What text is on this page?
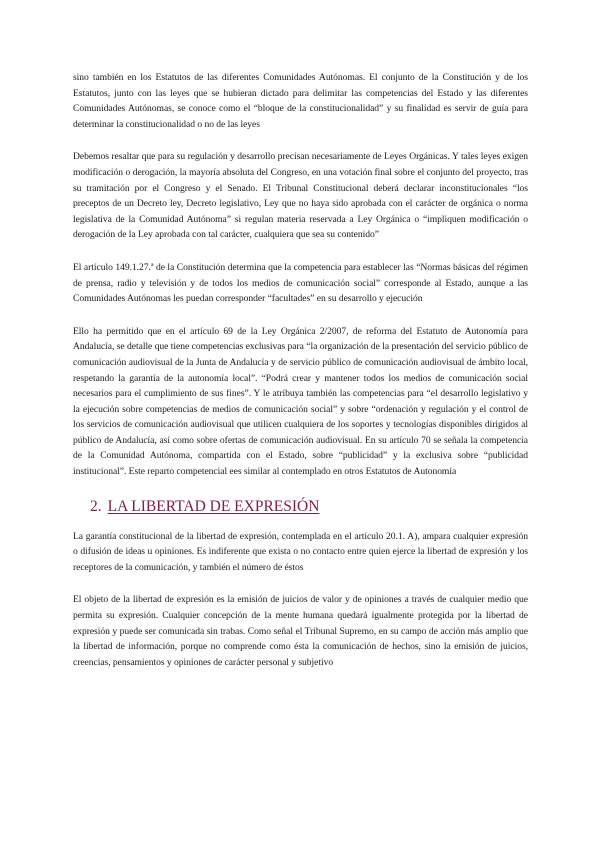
sino también en los Estatutos de las diferentes Comunidades Autónomas. El conjunto de la Constitución y de los Estatutos, junto con las leyes que se hubieran dictado para delimitar las competencias del Estado y las diferentes Comunidades Autónomas, se conoce como el “bloque de la constitucionalidad” y su finalidad es servir de guía para determinar la constitucionalidad o no de las leyes

Debemos resaltar que para su regulación y desarrollo precisan necesariamente de Leyes Orgánicas. Y tales leyes exigen modificación o derogación, la mayoría absoluta del Congreso, en una votación final sobre el conjunto del proyecto, tras su tramitación por el Congreso y el Senado. El Tribunal Constitucional deberá declarar inconstitucionales “los preceptos de un Decreto ley, Decreto legislativo, Ley que no haya sido aprobada con el carácter de orgánica o norma legislativa de la Comunidad Autónoma” si regulan materia reservada a Ley Orgánica o “impliquen modificación o derogación de la Ley aprobada con tal carácter, cualquiera que sea su contenido”

El artículo 149.1.27.ª de la Constitución determina que la competencia para establecer las “Normas básicas del régimen de prensa, radio y televisión y de todos los medios de comunicación social” corresponde al Estado, aunque a las Comunidades Autónomas les puedan corresponder “facultades” en su desarrollo y ejecución

Ello ha permitido que en el artículo 69 de la Ley Orgánica 2/2007, de reforma del Estatuto de Autonomía para Andalucía, se detalle que tiene competencias exclusivas para “la organización de la presentación del servicio público de comunicación audiovisual de la Junta de Andalucía y de servicio público de comunicación audiovisual de ámbito local, respetando la garantía de la autonomía local”. “Podrá crear y mantener todos los medios de comunicación social necesarios para el cumplimiento de sus fines”. Y le atribuya también las competencias para “el desarrollo legislativo y la ejecución sobre competencias de medios de comunicación social” y sobre “ordenación y regulación y el control de los servicios de comunicación audiovisual que utilicen cualquiera de los soportes y tecnologías disponibles dirigidos al público de Andalucía, así como sobre ofertas de comunicación audiovisual. En su artículo 70 se señala la competencia de la Comunidad Autónoma, compartida con el Estado, sobre “publicidad” y la exclusiva sobre “publicidad institucional”. Este reparto competencial ees similar al contemplado en otros Estatutos de Autonomía

2. LA LIBERTAD DE EXPRESIÓN

La garantía constitucional de la libertad de expresión, contemplada en el artículo 20.1. A), ampara cualquier expresión o difusión de ideas u opiniones. Es indiferente que exista o no contacto entre quien ejerce la libertad de expresión y los receptores de la comunicación, y también el número de éstos

El objeto de la libertad de expresión es la emisión de juicios de valor y de opiniones a través de cualquier medio que permita su expresión. Cualquier concepción de la mente humana quedará igualmente protegida por la libertad de expresión y puede ser comunicada sin trabas. Como señal el Tribunal Supremo, en su campo de acción más amplio que la libertad de información, porque no comprende como ésta la comunicación de hechos, sino la emisión de juicios, creencias, pensamientos y opiniones de carácter personal y subjetivo
